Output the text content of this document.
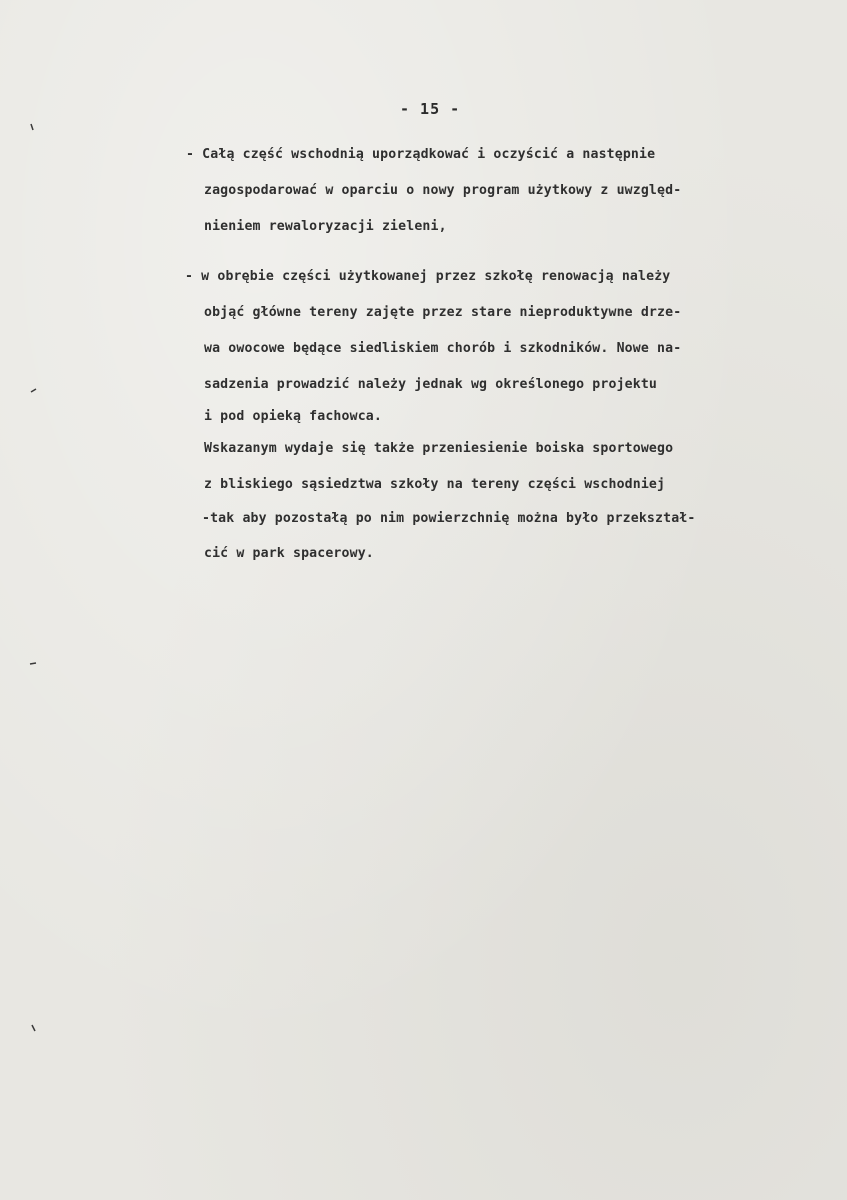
- 15 -
- Całą część wschodnią uporządkować i oczyścić a następnie
zagospodarować w oparciu o nowy program użytkowy z uwzględ-
nieniem rewaloryzacji zieleni,
- w obrębie części użytkowanej przez szkołę renowacją należy
objąć główne tereny zajęte przez stare nieproduktywne drze-
wa owocowe będące siedliskiem chorób i szkodników. Nowe na-
sadzenia prowadzić należy jednak wg określonego projektu
i pod opieką fachowca.
Wskazanym wydaje się także przeniesienie boiska sportowego
z bliskiego sąsiedztwa szkoły na tereny części wschodniej
-tak aby pozostałą po nim powierzchnię można było przekształ-
cić w park spacerowy.
